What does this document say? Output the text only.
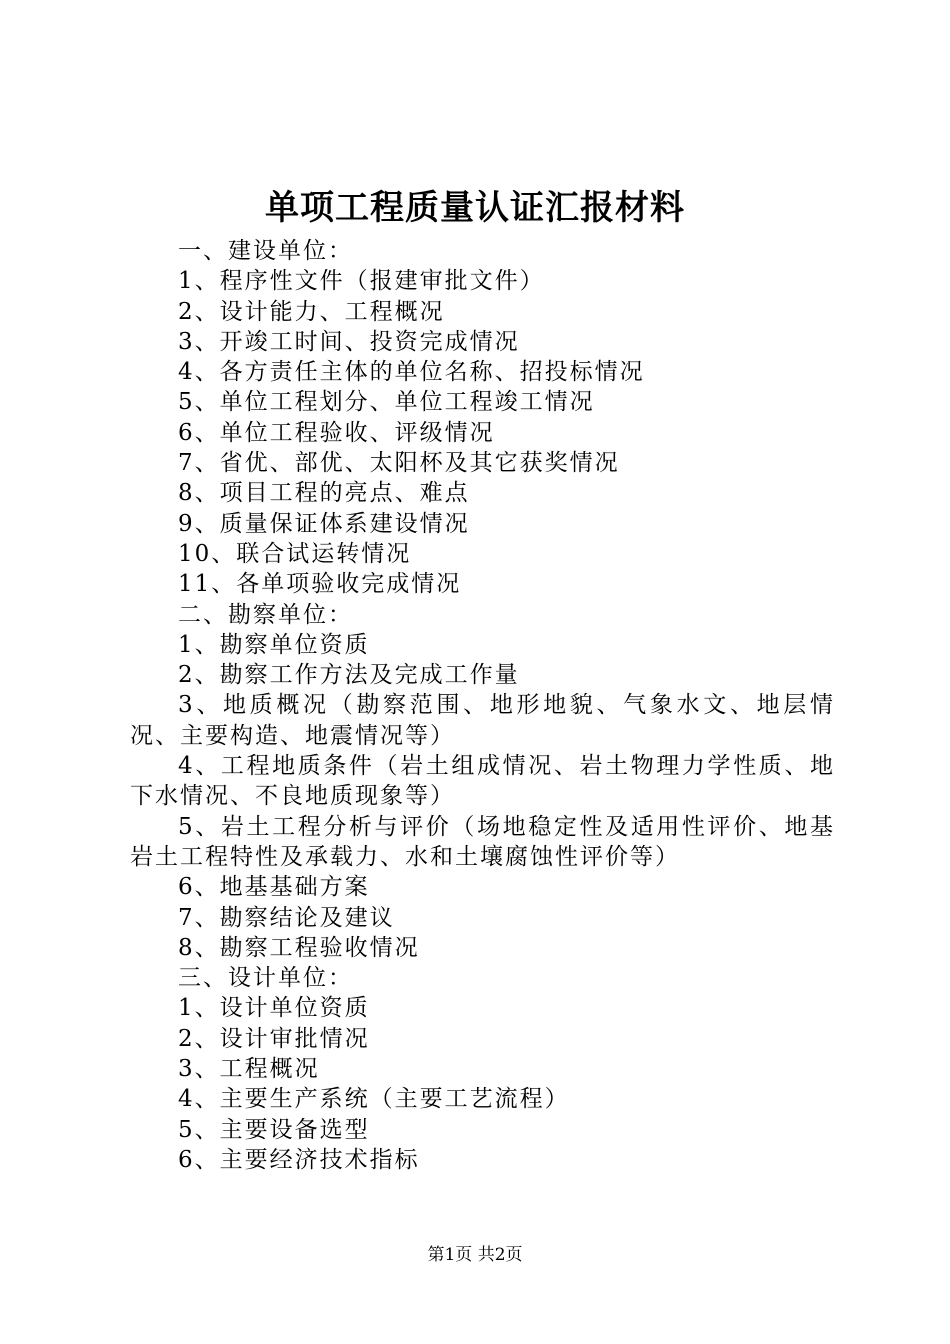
单项工程质量认证汇报材料
一、建设单位：
1、程序性文件（报建审批文件）
2、设计能力、工程概况
3、开竣工时间、投资完成情况
4、各方责任主体的单位名称、招投标情况
5、单位工程划分、单位工程竣工情况
6、单位工程验收、评级情况
7、省优、部优、太阳杯及其它获奖情况
8、项目工程的亮点、难点
9、质量保证体系建设情况
10、联合试运转情况
11、各单项验收完成情况
二、勘察单位：
1、勘察单位资质
2、勘察工作方法及完成工作量
3、地质概况（勘察范围、地形地貌、气象水文、地层情况、主要构造、地震情况等）
4、工程地质条件（岩土组成情况、岩土物理力学性质、地下水情况、不良地质现象等）
5、岩土工程分析与评价（场地稳定性及适用性评价、地基岩土工程特性及承载力、水和土壤腐蚀性评价等）
6、地基基础方案
7、勘察结论及建议
8、勘察工程验收情况
三、设计单位：
1、设计单位资质
2、设计审批情况
3、工程概况
4、主要生产系统（主要工艺流程）
5、主要设备选型
6、主要经济技术指标
第1页 共2页
